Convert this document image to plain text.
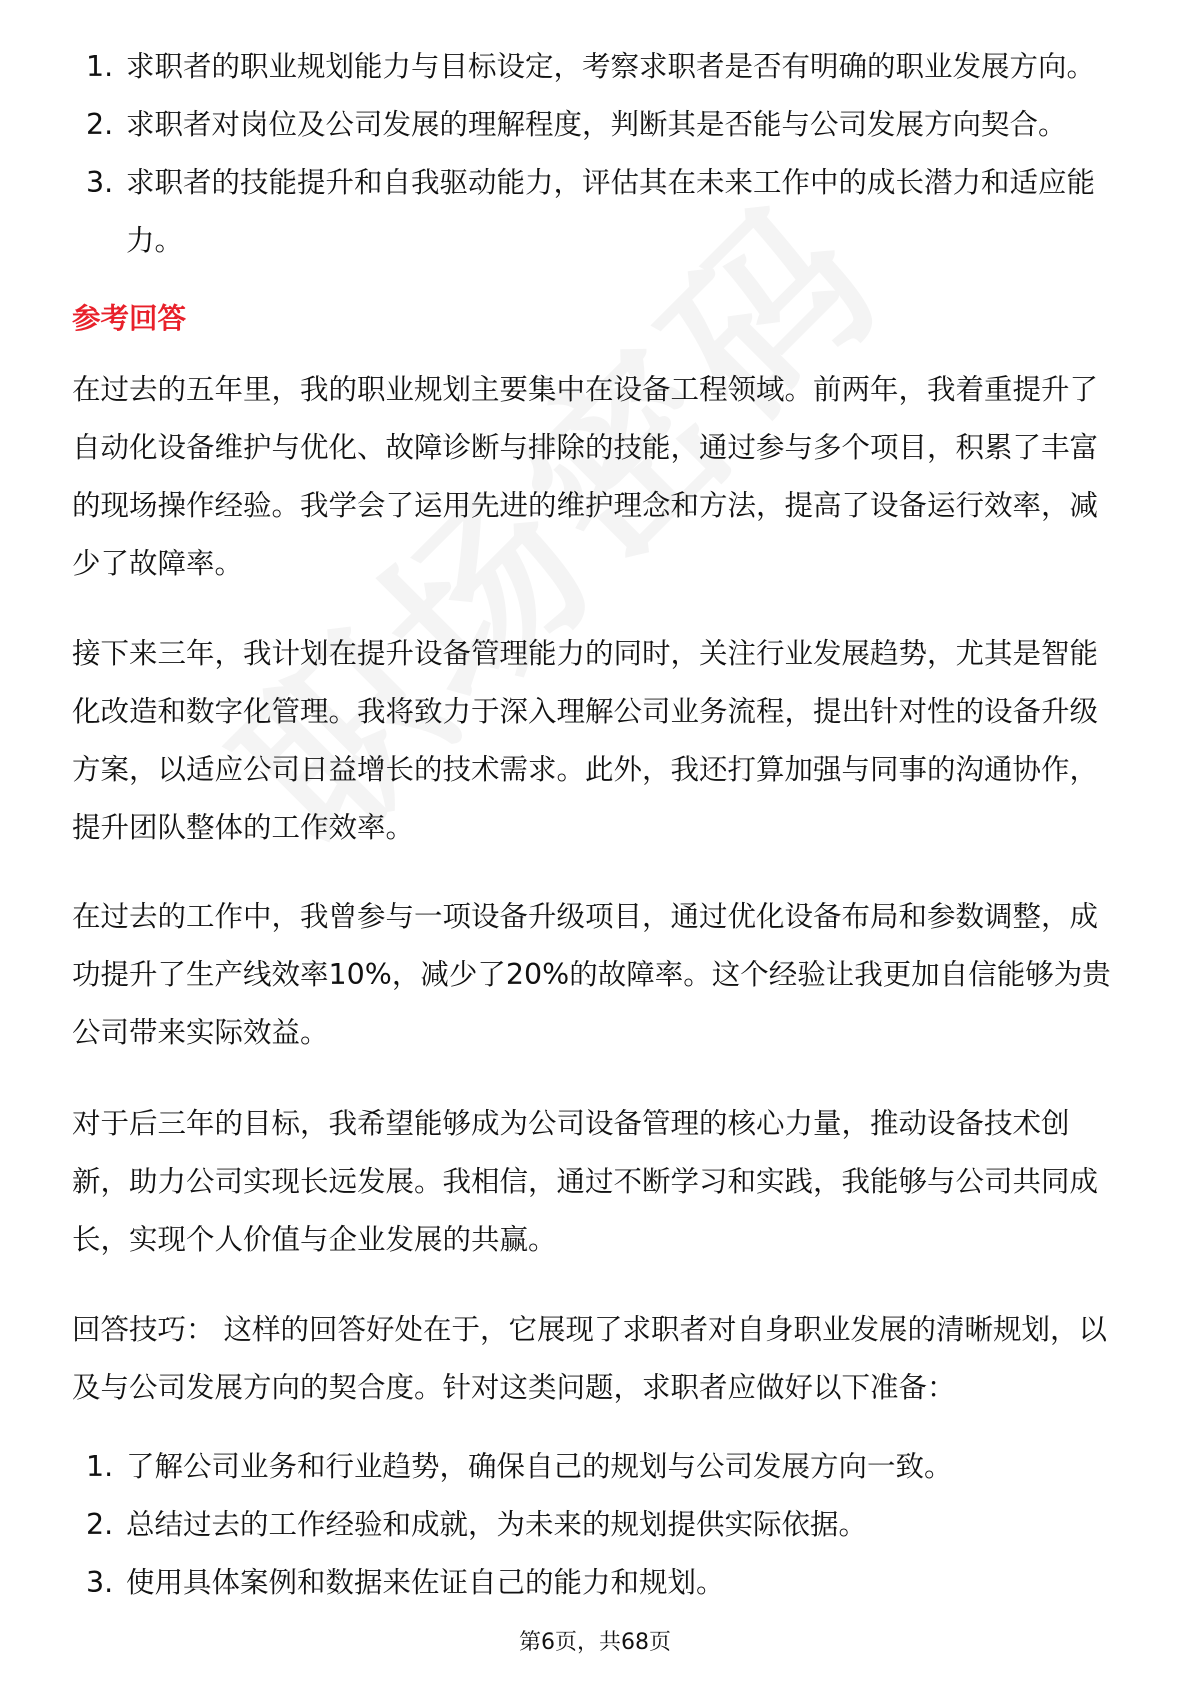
1. 求职者的职业规划能力与目标设定，考察求职者是否有明确的职业发展方向。
2. 求职者对岗位及公司发展的理解程度，判断其是否能与公司发展方向契合。
3. 求职者的技能提升和自我驱动能力，评估其在未来工作中的成长潜力和适应能力。
参考回答

在过去的五年里，我的职业规划主要集中在设备工程领域。前两年，我着重提升了自动化设备维护与优化、故障诊断与排除的技能，通过参与多个项目，积累了丰富的现场操作经验。我学会了运用先进的维护理念和方法，提高了设备运行效率，减少了故障率。

接下来三年，我计划在提升设备管理能力的同时，关注行业发展趋势，尤其是智能化改造和数字化管理。我将致力于深入理解公司业务流程，提出针对性的设备升级方案，以适应公司日益增长的技术需求。此外，我还打算加强与同事的沟通协作，提升团队整体的工作效率。

在过去的工作中，我曾参与一项设备升级项目，通过优化设备布局和参数调整，成功提升了生产线效率10%，减少了20%的故障率。这个经验让我更加自信能够为贵公司带来实际效益。

对于后三年的目标，我希望能够成为公司设备管理的核心力量，推动设备技术创新，助力公司实现长远发展。我相信，通过不断学习和实践，我能够与公司共同成长，实现个人价值与企业发展的共赢。

回答技巧： 这样的回答好处在于，它展现了求职者对自身职业发展的清晰规划，以及与公司发展方向的契合度。针对这类问题，求职者应做好以下准备：

1. 了解公司业务和行业趋势，确保自己的规划与公司发展方向一致。
2. 总结过去的工作经验和成就，为未来的规划提供实际依据。
3. 使用具体案例和数据来佐证自己的能力和规划。
第6页，共68页
